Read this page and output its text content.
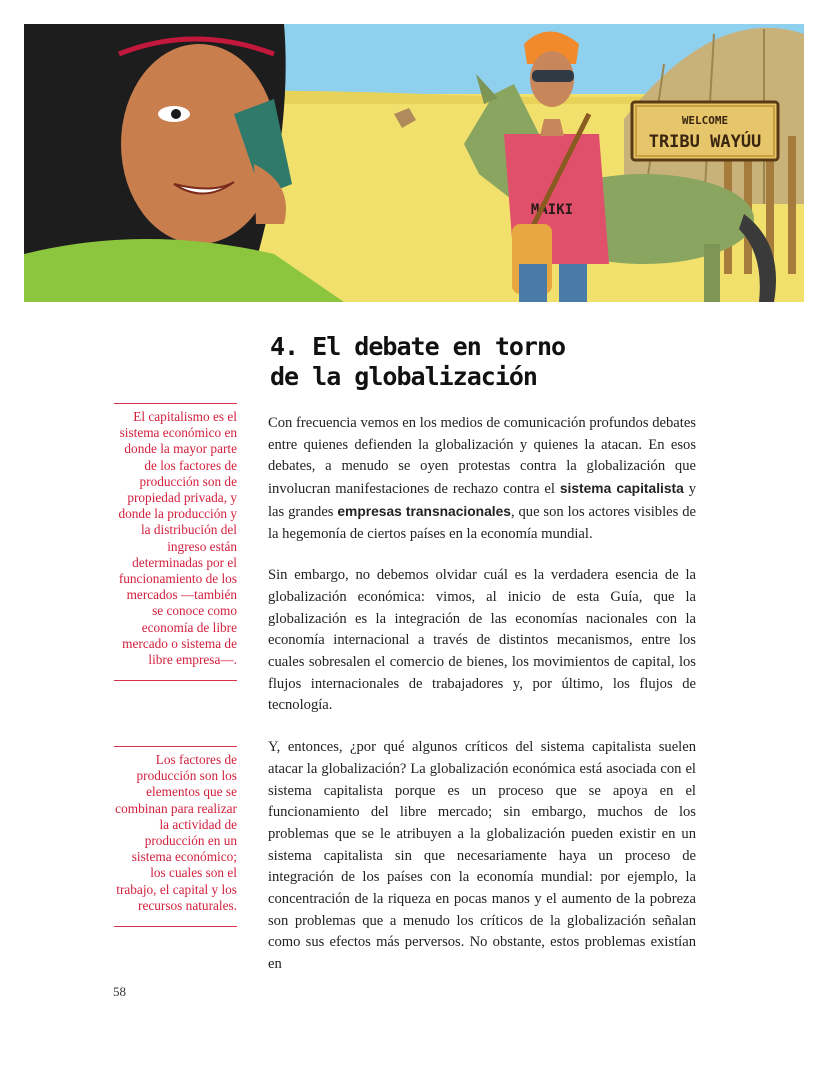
WELCOME
TRIBU WAYÚU
MAIKI
4. El debate en torno
de la globalización
El capitalismo es el sistema económico en donde la mayor parte de los factores de producción son de propiedad privada, y donde la producción y la distribución del ingreso están determinadas por el funcionamiento de los mercados —también se conoce como economía de libre mercado o sistema de libre empresa—.
Los factores de producción son los elementos que se combinan para realizar la actividad de producción en un sistema económico; los cuales son el trabajo, el capital y los recursos naturales.

Con frecuencia vemos en los medios de comunicación profundos debates entre quienes defienden la globalización y quienes la atacan. En esos debates, a menudo se oyen protestas contra la globalización que involucran manifestaciones de rechazo contra el sistema capitalista y las grandes empresas transnacionales, que son los actores visibles de la hegemonía de ciertos países en la economía mundial.

Sin embargo, no debemos olvidar cuál es la verdadera esencia de la globalización económica: vimos, al inicio de esta Guía, que la globalización es la integración de las economías nacionales con la economía internacional a través de distintos mecanismos, entre los cuales sobresalen el comercio de bienes, los movimientos de capital, los flujos internacionales de trabajadores y, por último, los flujos de tecnología.

Y, entonces, ¿por qué algunos críticos del sistema capitalista suelen atacar la globalización? La globalización económica está asociada con el sistema capitalista porque es un proceso que se apoya en el funcionamiento del libre mercado; sin embargo, muchos de los problemas que se le atribuyen a la globalización pueden existir en un sistema capitalista sin que necesariamente haya un proceso de integración de los países con la economía mundial: por ejemplo, la concentración de la riqueza en pocas manos y el aumento de la pobreza son problemas que a menudo los críticos de la globalización señalan como sus efectos más perversos. No obstante, estos problemas existían en

58
